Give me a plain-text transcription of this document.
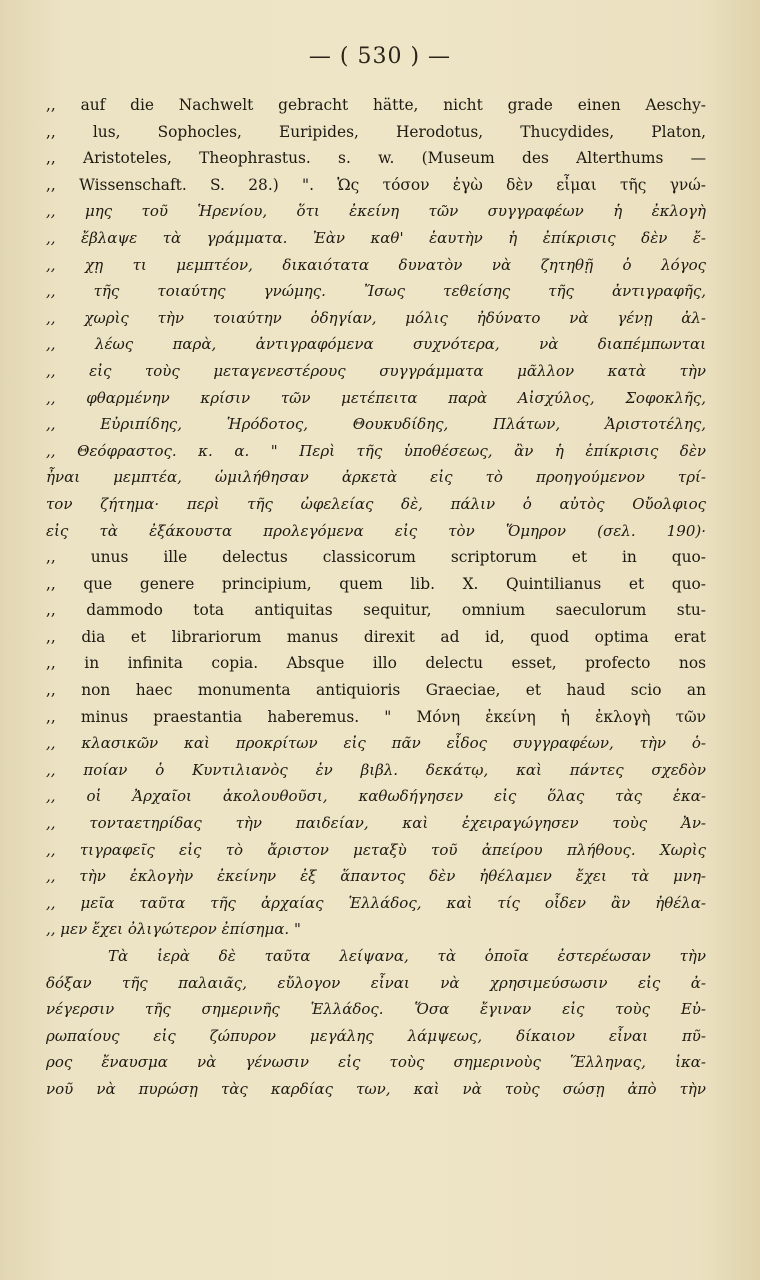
— ( 530 ) —
,, auf die Nachwelt gebracht hätte, nicht grade einen Aeschy-
,, lus, Sophocles, Euripides, Herodotus, Thucydides, Platon,
,, Aristoteles, Theophrastus. s. w. (Museum des Alterthums —
,, Wissenschaft. S. 28.) ". Ὡς τόσον ἐγὼ δὲν εἶμαι τῆς γνώ-
,, μης τοῦ Ἡρενίου, ὅτι ἐκείνη τῶν συγγραφέων ἡ ἐκλογὴ
,, ἔβλαψε τὰ γράμματα. Ἐὰν καθ' ἑαυτὴν ἡ ἐπίκρισις δὲν ἔ-
,, χῃ τι μεμπτέον, δικαιότατα δυνατὸν νὰ ζητηθῇ ὁ λόγος
,, τῆς τοιαύτης γνώμης. Ἴσως τεθείσης τῆς ἀντιγραφῆς,
,, χωρὶς τὴν τοιαύτην ὁδηγίαν, μόλις ἠδύνατο νὰ γένῃ ἀλ-
,, λέως παρὰ, ἀντιγραφόμενα συχνότερα, νὰ διαπέμπωνται
,, εἰς τοὺς μεταγενεστέρους συγγράμματα μᾶλλον κατὰ τὴν
,, φθαρμένην κρίσιν τῶν μετέπειτα παρὰ Αἰσχύλος, Σοφοκλῆς,
,, Εὐριπίδης, Ἡρόδοτος, Θουκυδίδης, Πλάτων, Ἀριστοτέλης,
,, Θεόφραστος. κ. α. " Περὶ τῆς ὑποθέσεως, ἂν ἡ ἐπίκρισις δὲν
ἦναι μεμπτέα, ὡμιλήθησαν ἀρκετὰ εἰς τὸ προηγούμενον τρί-
τον ζήτημα· περὶ τῆς ὠφελείας δὲ, πάλιν ὁ αὐτὸς Οὔολφιος
εἰς τὰ ἐξάκουστα προλεγόμενα εἰς τὸν Ὅμηρον (σελ. 190)·
,, unus ille delectus classicorum scriptorum et in quo-
,, que genere principium, quem lib. X. Quintilianus et quo-
,, dammodo tota antiquitas sequitur, omnium saeculorum stu-
,, dia et librariorum manus direxit ad id, quod optima erat
,, in infinita copia. Absque illo delectu esset, profecto nos
,, non haec monumenta antiquioris Graeciae, et haud scio an
,, minus praestantia haberemus. " Μόνη ἐκείνη ἡ ἐκλογὴ τῶν
,, κλασικῶν καὶ προκρίτων εἰς πᾶν εἶδος συγγραφέων, τὴν ὁ-
,, ποίαν ὁ Κυντιλιανὸς ἐν βιβλ. δεκάτῳ, καὶ πάντες σχεδὸν
,, οἱ Ἀρχαῖοι ἀκολουθοῦσι, καθωδήγησεν εἰς ὅλας τὰς ἑκα-
,, τονταετηρίδας τὴν παιδείαν, καὶ ἐχειραγώγησεν τοὺς Ἀν-
,, τιγραφεῖς εἰς τὸ ἄριστον μεταξὺ τοῦ ἀπείρου πλήθους. Χωρὶς
,, τὴν ἐκλογὴν ἐκείνην ἐξ ἅπαντος δὲν ἠθέλαμεν ἔχει τὰ μνη-
,, μεῖα ταῦτα τῆς ἀρχαίας Ἑλλάδος, καὶ τίς οἶδεν ἂν ἠθέλα-
,, μεν ἔχει ὀλιγώτερον ἐπίσημα. "
Τὰ ἱερὰ δὲ ταῦτα λείψανα, τὰ ὁποῖα ἐστερέωσαν τὴν
δόξαν τῆς παλαιᾶς, εὔλογον εἶναι νὰ χρησιμεύσωσιν εἰς ἀ-
νέγερσιν τῆς σημερινῆς Ἑλλάδος. Ὅσα ἔγιναν εἰς τοὺς Εὐ-
ρωπαίους εἰς ζώπυρον μεγάλης λάμψεως, δίκαιον εἶναι πῦ-
ρος ἔναυσμα νὰ γένωσιν εἰς τοὺς σημερινοὺς Ἕλληνας, ἱκα-
νοῦ νὰ πυρώσῃ τὰς καρδίας των, καὶ νὰ τοὺς σώσῃ ἀπὸ τὴν
